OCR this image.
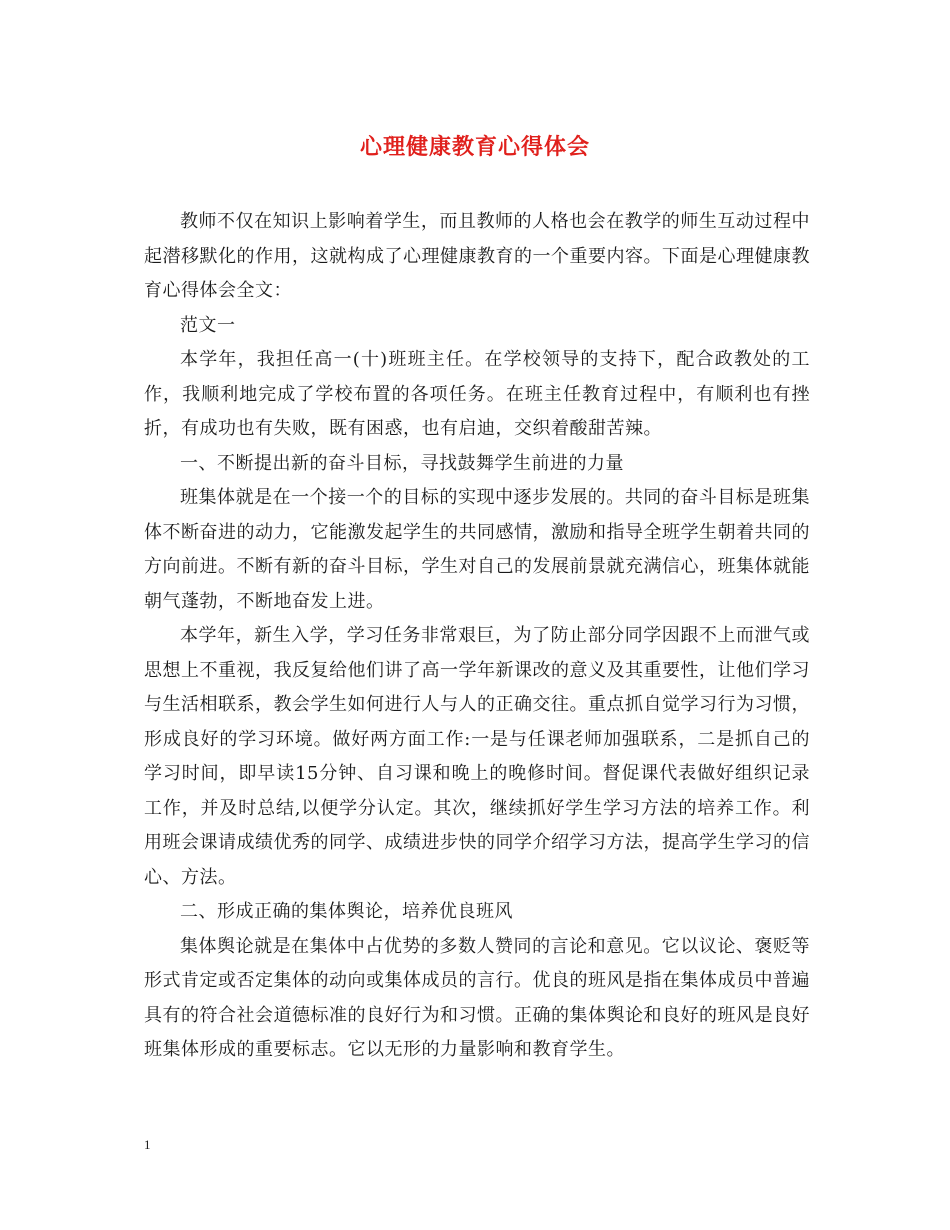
心理健康教育心得体会

教师不仅在知识上影响着学生，而且教师的人格也会在教学的师生互动过程中起潜移默化的作用，这就构成了心理健康教育的一个重要内容。下面是心理健康教育心得体会全文：

范文一

本学年，我担任高一(十)班班主任。在学校领导的支持下，配合政教处的工作，我顺利地完成了学校布置的各项任务。在班主任教育过程中，有顺利也有挫折，有成功也有失败，既有困惑，也有启迪，交织着酸甜苦辣。

一、不断提出新的奋斗目标，寻找鼓舞学生前进的力量

班集体就是在一个接一个的目标的实现中逐步发展的。共同的奋斗目标是班集体不断奋进的动力，它能激发起学生的共同感情，激励和指导全班学生朝着共同的方向前进。不断有新的奋斗目标，学生对自己的发展前景就充满信心，班集体就能朝气蓬勃，不断地奋发上进。

本学年，新生入学，学习任务非常艰巨，为了防止部分同学因跟不上而泄气或思想上不重视，我反复给他们讲了高一学年新课改的意义及其重要性，让他们学习与生活相联系，教会学生如何进行人与人的正确交往。重点抓自觉学习行为习惯，形成良好的学习环境。做好两方面工作:一是与任课老师加强联系，二是抓自己的学习时间，即早读15分钟、自习课和晚上的晚修时间。督促课代表做好组织记录工作，并及时总结,以便学分认定。其次，继续抓好学生学习方法的培养工作。利用班会课请成绩优秀的同学、成绩进步快的同学介绍学习方法，提高学生学习的信心、方法。

二、形成正确的集体舆论，培养优良班风

集体舆论就是在集体中占优势的多数人赞同的言论和意见。它以议论、褒贬等形式肯定或否定集体的动向或集体成员的言行。优良的班风是指在集体成员中普遍具有的符合社会道德标准的良好行为和习惯。正确的集体舆论和良好的班风是良好班集体形成的重要标志。它以无形的力量影响和教育学生。

1
